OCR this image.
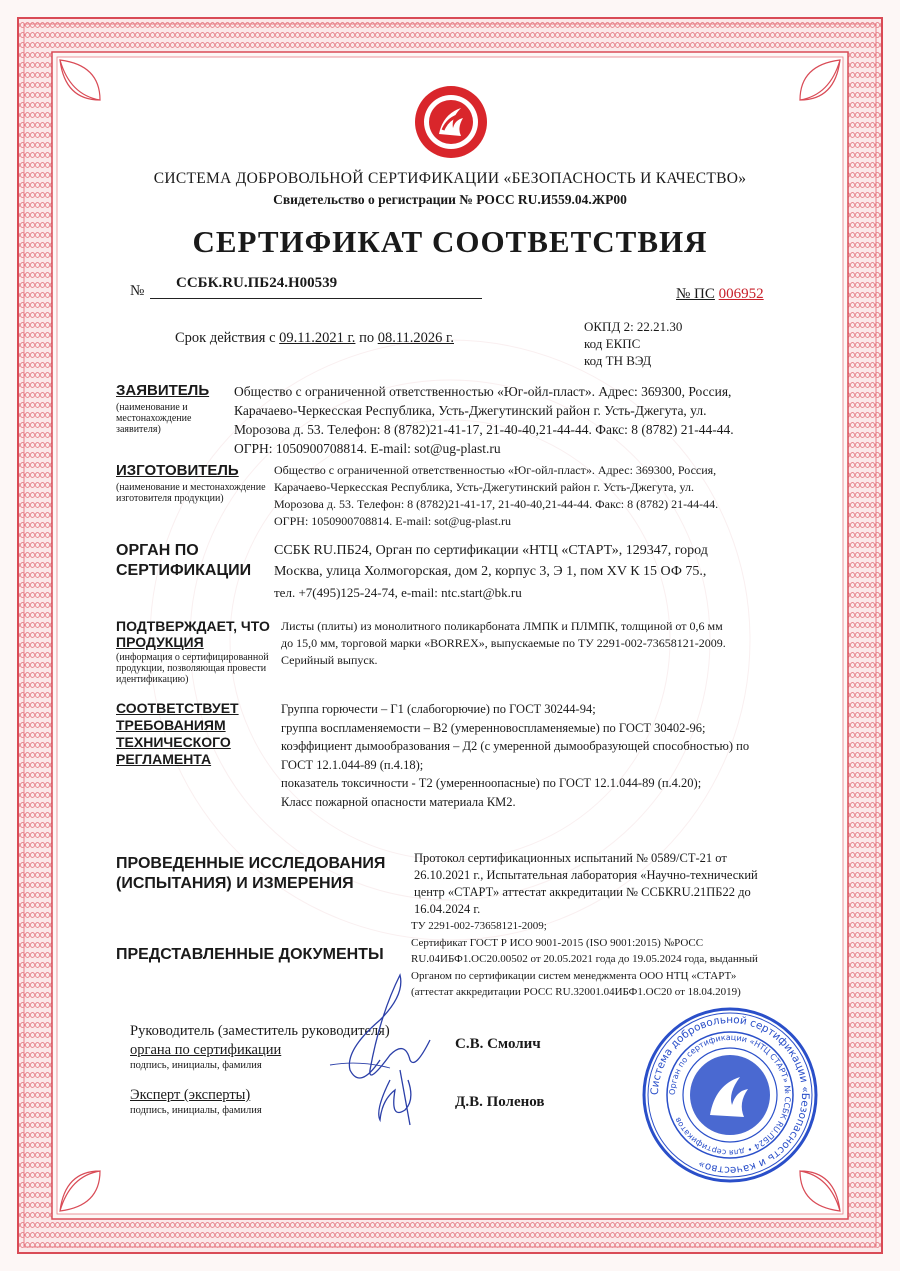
СИСТЕМА ДОБРОВОЛЬНОЙ СЕРТИФИКАЦИИ «БЕЗОПАСНОСТЬ И КАЧЕСТВО»
Свидетельство о регистрации № РОСС RU.И559.04.ЖР00
СЕРТИФИКАТ СООТВЕТСТВИЯ
№ ССБК.RU.ПБ24.Н00539
№ ПС 006952
Срок действия с 09.11.2021 г. по 08.11.2026 г.
ОКПД 2: 22.21.30
код ЕКПС
код ТН ВЭД
ЗАЯВИТЕЛЬ
(наименование и местонахождение заявителя)
Общество с ограниченной ответственностью «Юг-ойл-пласт». Адрес: 369300, Россия,
Карачаево-Черкесская Республика, Усть-Джегутинский район г. Усть-Джегута, ул.
Морозова д. 53. Телефон: 8 (8782)21-41-17, 21-40-40,21-44-44. Факс: 8 (8782) 21-44-44.
ОГРН: 1050900708814. E-mail: sot@ug-plast.ru
ИЗГОТОВИТЕЛЬ
(наименование и местонахождение изготовителя продукции)
Общество с ограниченной ответственностью «Юг-ойл-пласт». Адрес: 369300, Россия,
Карачаево-Черкесская Республика, Усть-Джегутинский район г. Усть-Джегута, ул.
Морозова д. 53. Телефон: 8 (8782)21-41-17, 21-40-40,21-44-44. Факс: 8 (8782) 21-44-44.
ОГРН: 1050900708814. E-mail: sot@ug-plast.ru
ОРГАН ПО
СЕРТИФИКАЦИИ
ССБК RU.ПБ24, Орган по сертификации «НТЦ «СТАРТ», 129347, город
Москва, улица Холмогорская, дом 2, корпус 3, Э 1, пом XV К 15 ОФ 75.,
тел. +7(495)125-24-74, e-mail: ntc.start@bk.ru
ПОДТВЕРЖДАЕТ, ЧТО
ПРОДУКЦИЯ
(информация о сертифицированной продукции, позволяющая провести идентификацию)
Листы (плиты) из монолитного поликарбоната ЛМПК и ПЛМПК, толщиной от 0,6 мм
до 15,0 мм, торговой марки «BORREX», выпускаемые по ТУ 2291-002-73658121-2009.
Серийный выпуск.
СООТВЕТСТВУЕТ
ТРЕБОВАНИЯМ
ТЕХНИЧЕСКОГО
РЕГЛАМЕНТА
Группа горючести – Г1 (слабогорючие) по ГОСТ 30244-94;
группа воспламеняемости – В2 (умеренновоспламеняемые) по ГОСТ 30402-96;
коэффициент дымообразования – Д2 (с умеренной дымообразующей способностью) по
ГОСТ 12.1.044-89 (п.4.18);
показатель токсичности - Т2 (умеренноопасные) по ГОСТ 12.1.044-89 (п.4.20);
Класс пожарной опасности материала КМ2.
ПРОВЕДЕННЫЕ ИССЛЕДОВАНИЯ
(ИСПЫТАНИЯ) И ИЗМЕРЕНИЯ
Протокол сертификационных испытаний № 0589/СТ-21 от
26.10.2021 г., Испытательная лаборатория «Научно-технический
центр «СТАРТ» аттестат аккредитации № ССБКRU.21ПБ22 до
16.04.2024 г.
ПРЕДСТАВЛЕННЫЕ ДОКУМЕНТЫ
ТУ 2291-002-73658121-2009;
Сертификат ГОСТ Р ИСО 9001-2015 (ISO 9001:2015) №РОСС
RU.04ИБФ1.ОС20.00502 от 20.05.2021 года до 19.05.2024 года, выданный
Органом по сертификации систем менеджмента ООО НТЦ «СТАРТ»
(аттестат аккредитации РОСС RU.32001.04ИБФ1.ОС20 от 18.04.2019)
Руководитель (заместитель руководителя)
органа по сертификации
подпись, инициалы, фамилия
С.В. Смолич
Эксперт (эксперты)
подпись, инициалы, фамилия
Д.В. Поленов
Система добровольной сертификации «Безопасность и качество»
Орган по сертификации «НТЦ СТАРТ» № ССБК RU.ПБ24 • для сертификатов
